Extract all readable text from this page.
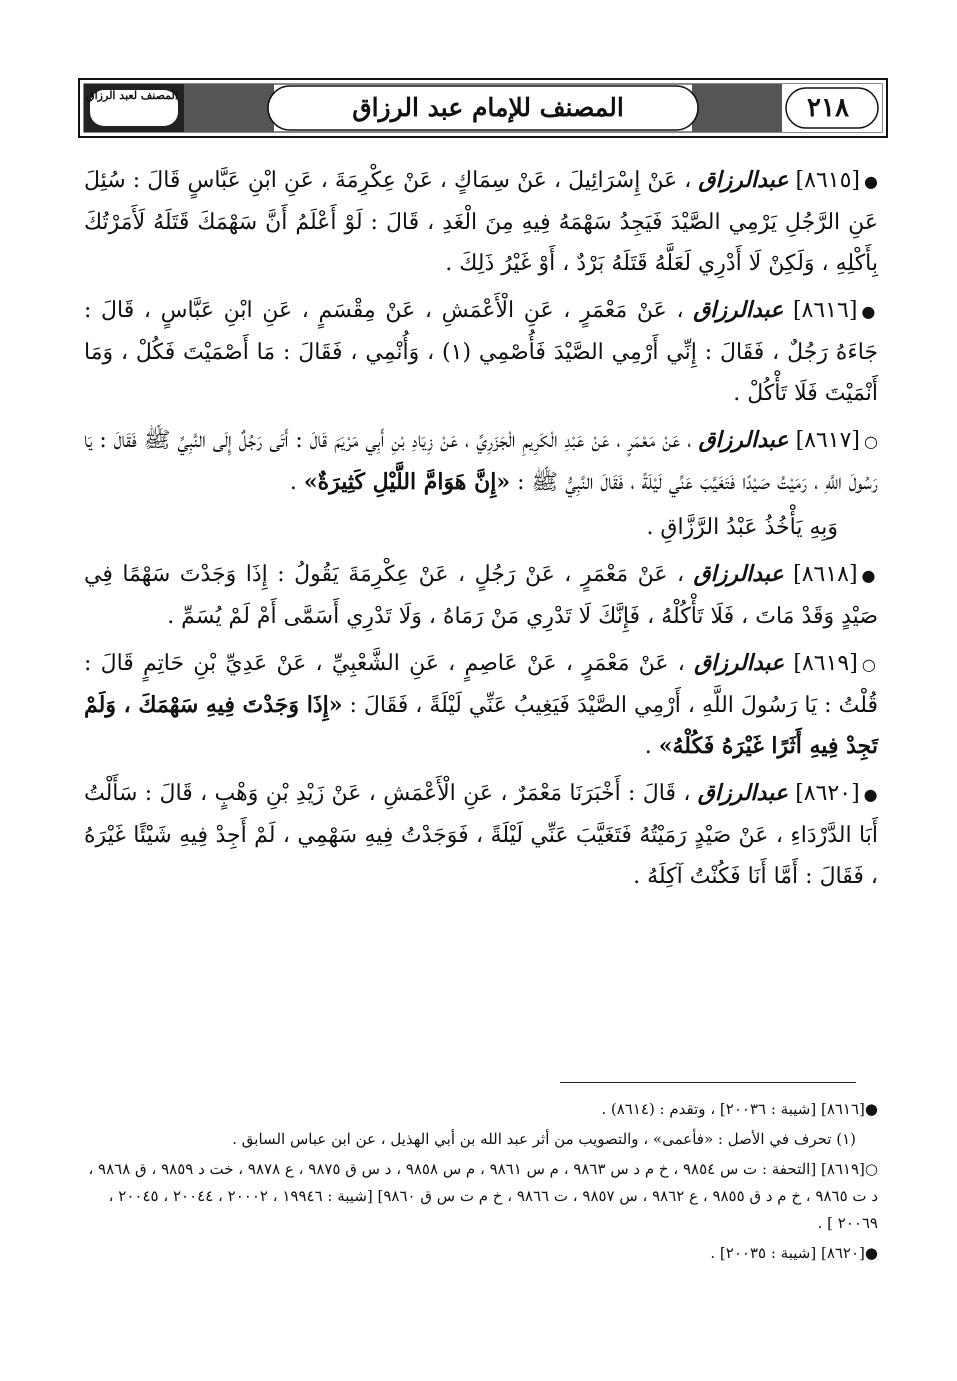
المصنف لعبد الرزاق	المصنف للإمام عبد الرزاق	٢١٨
●[٨٦١٥] عبدالرزاق ، عَنْ إِسْرَائِيلَ ، عَنْ سِمَاكٍ ، عَنْ عِكْرِمَةَ ، عَنِ ابْنِ عَبَّاسٍ قَالَ : سُئِلَ عَنِ الرَّجُلِ يَرْمِي الصَّيْدَ فَيَجِدُ سَهْمَهُ فِيهِ مِنَ الْغَدِ ، قَالَ : لَوْ أَعْلَمُ أَنَّ سَهْمَكَ قَتَلَهُ لَأَمَرْتُكَ بِأَكْلِهِ ، وَلَكِنْ لَا أَدْرِي لَعَلَّهُ قَتَلَهُ بَرْدٌ ، أَوْ غَيْرُ ذَلِكَ .
●[٨٦١٦] عبدالرزاق ، عَنْ مَعْمَرٍ ، عَنِ الْأَعْمَشِ ، عَنْ مِقْسَمٍ ، عَنِ ابْنِ عَبَّاسٍ ، قَالَ : جَاءَهُ رَجُلٌ ، فَقَالَ : إِنِّي أَرْمِي الصَّيْدَ فَأُصْمِي (١) ، وَأُنْمِي ، فَقَالَ : مَا أَصْمَيْتَ فَكُلْ ، وَمَا أَنْمَيْتَ فَلَا تَأْكُلْ .
○[٨٦١٧] عبدالرزاق ، عَنْ مَعْمَرٍ ، عَنْ عَبْدِ الْكَرِيمِ الْجَزَرِيِّ ، عَنْ زِيَادِ بْنِ أَبِي مَرْيَمَ قَالَ : أَتَى رَجُلٌ إِلَى النَّبِيِّ ﷺ فَقَالَ : يَا رَسُولَ اللَّهِ ، رَمَيْتُ صَيْدًا فَتَغَيَّبَ عَنِّي لَيْلَةً ، فَقَالَ النَّبِيُّ ﷺ : «إِنَّ هَوَامَّ اللَّيْلِ كَثِيرَةٌ» .
وَبِهِ يَأْخُذُ عَبْدُ الرَّزَّاقِ .
●[٨٦١٨] عبدالرزاق ، عَنْ مَعْمَرٍ ، عَنْ رَجُلٍ ، عَنْ عِكْرِمَةَ يَقُولُ : إِذَا وَجَدْتَ سَهْمًا فِي صَيْدٍ وَقَدْ مَاتَ ، فَلَا تَأْكُلْهُ ، فَإِنَّكَ لَا تَدْرِي مَنْ رَمَاهُ ، وَلَا تَدْرِي أَسَمَّى أَمْ لَمْ يُسَمِّ .
○[٨٦١٩] عبدالرزاق ، عَنْ مَعْمَرٍ ، عَنْ عَاصِمٍ ، عَنِ الشَّعْبِيِّ ، عَنْ عَدِيِّ بْنِ حَاتِمٍ قَالَ : قُلْتُ : يَا رَسُولَ اللَّهِ ، أَرْمِي الصَّيْدَ فَيَغِيبُ عَنِّي لَيْلَةً ، فَقَالَ : «إِذَا وَجَدْتَ فِيهِ سَهْمَكَ ، وَلَمْ تَجِدْ فِيهِ أَثَرًا غَيْرَهُ فَكُلْهُ» .
●[٨٦٢٠] عبدالرزاق ، قَالَ : أَخْبَرَنَا مَعْمَرٌ ، عَنِ الْأَعْمَشِ ، عَنْ زَيْدِ بْنِ وَهْبٍ ، قَالَ : سَأَلْتُ أَبَا الدَّرْدَاءِ ، عَنْ صَيْدٍ رَمَيْتُهُ فَتَغَيَّبَ عَنِّي لَيْلَةً ، فَوَجَدْتُ فِيهِ سَهْمِي ، لَمْ أَجِدْ فِيهِ شَيْئًا غَيْرَهُ ، فَقَالَ : أَمَّا أَنَا فَكُنْتُ آكِلَهُ .
●[٨٦١٦] [شيبة : ٢٠٠٣٦] ، وتقدم : (٨٦١٤) .
(١) تحرف في الأصل : «فأعمى» ، والتصويب من أثر عبد الله بن أبي الهذيل ، عن ابن عباس السابق .
○[٨٦١٩] [التحفة : ت س ٩٨٥٤ ، خ م د س ٩٨٦٣ ، م س ٩٨٦١ ، م س ٩٨٥٨ ، د س ق ٩٨٧٥ ، ع ٩٨٧٨ ، خت د ٩٨٥٩ ، ق ٩٨٦٨ ، د ت ٩٨٦٥ ، خ م د ق ٩٨٥٥ ، ع ٩٨٦٢ ، س ٩٨٥٧ ، ت ٩٨٦٦ ، خ م ت س ق ٩٨٦٠] [شيبة : ١٩٩٤٦ ، ٢٠٠٠٢ ، ٢٠٠٤٤ ، ٢٠٠٤٥ ، ٢٠٠٦٩ ] .
●[٨٦٢٠] [شيبة : ٢٠٠٣٥] .
